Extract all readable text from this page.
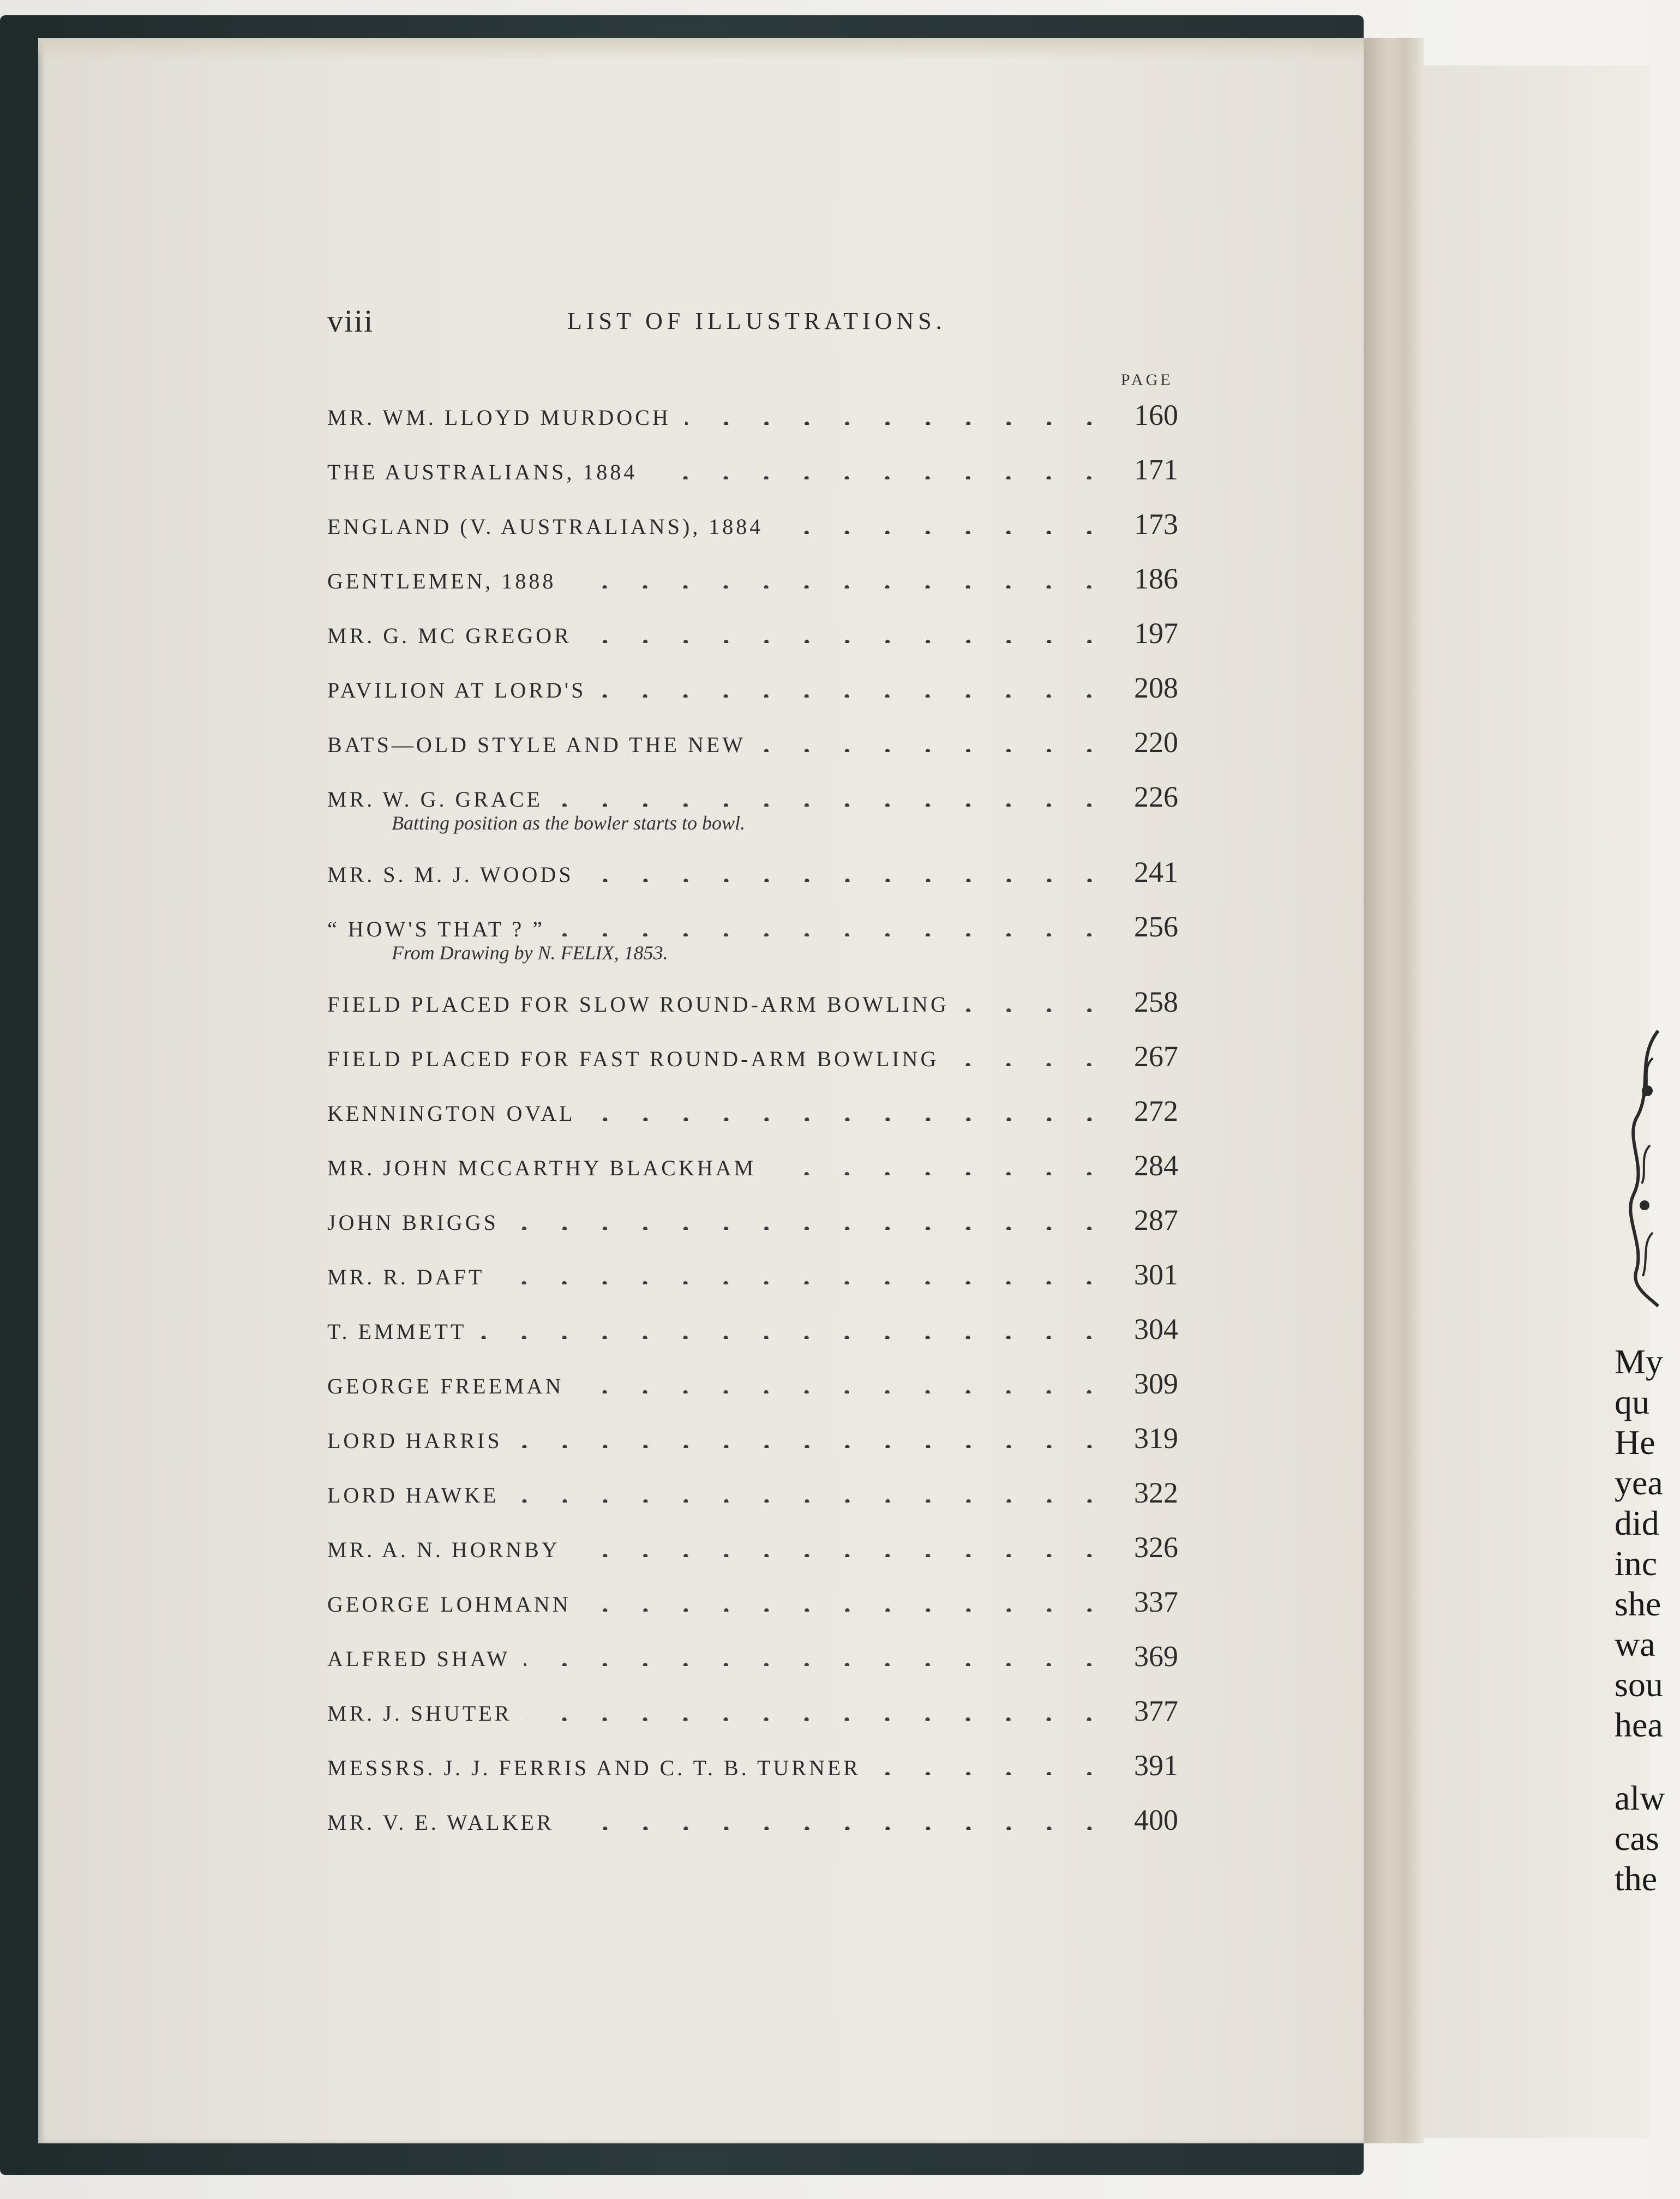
viii	LIST OF ILLUSTRATIONS.
PAGE
MR. WM. LLOYD MURDOCH	160
THE AUSTRALIANS, 1884	171
ENGLAND (V. AUSTRALIANS), 1884	173
GENTLEMEN, 1888	186
MR. G. MC GREGOR	197
PAVILION AT LORD'S	208
BATS—OLD STYLE AND THE NEW	220
MR. W. G. GRACE	226
Batting position as the bowler starts to bowl.
MR. S. M. J. WOODS	241
“ HOW'S THAT ? ”	256
From Drawing by N. FELIX, 1853.
FIELD PLACED FOR SLOW ROUND-ARM BOWLING	258
FIELD PLACED FOR FAST ROUND-ARM BOWLING	267
KENNINGTON OVAL	272
MR. JOHN MCCARTHY BLACKHAM	284
JOHN BRIGGS	287
MR. R. DAFT	301
T. EMMETT	304
GEORGE FREEMAN	309
LORD HARRIS	319
LORD HAWKE	322
MR. A. N. HORNBY	326
GEORGE LOHMANN	337
ALFRED SHAW	369
MR. J. SHUTER	377
MESSRS. J. J. FERRIS AND C. T. B. TURNER	391
MR. V. E. WALKER	400
My
qu
He
yea
did
inc
she
wa
sou
hea
alw
cas
the
